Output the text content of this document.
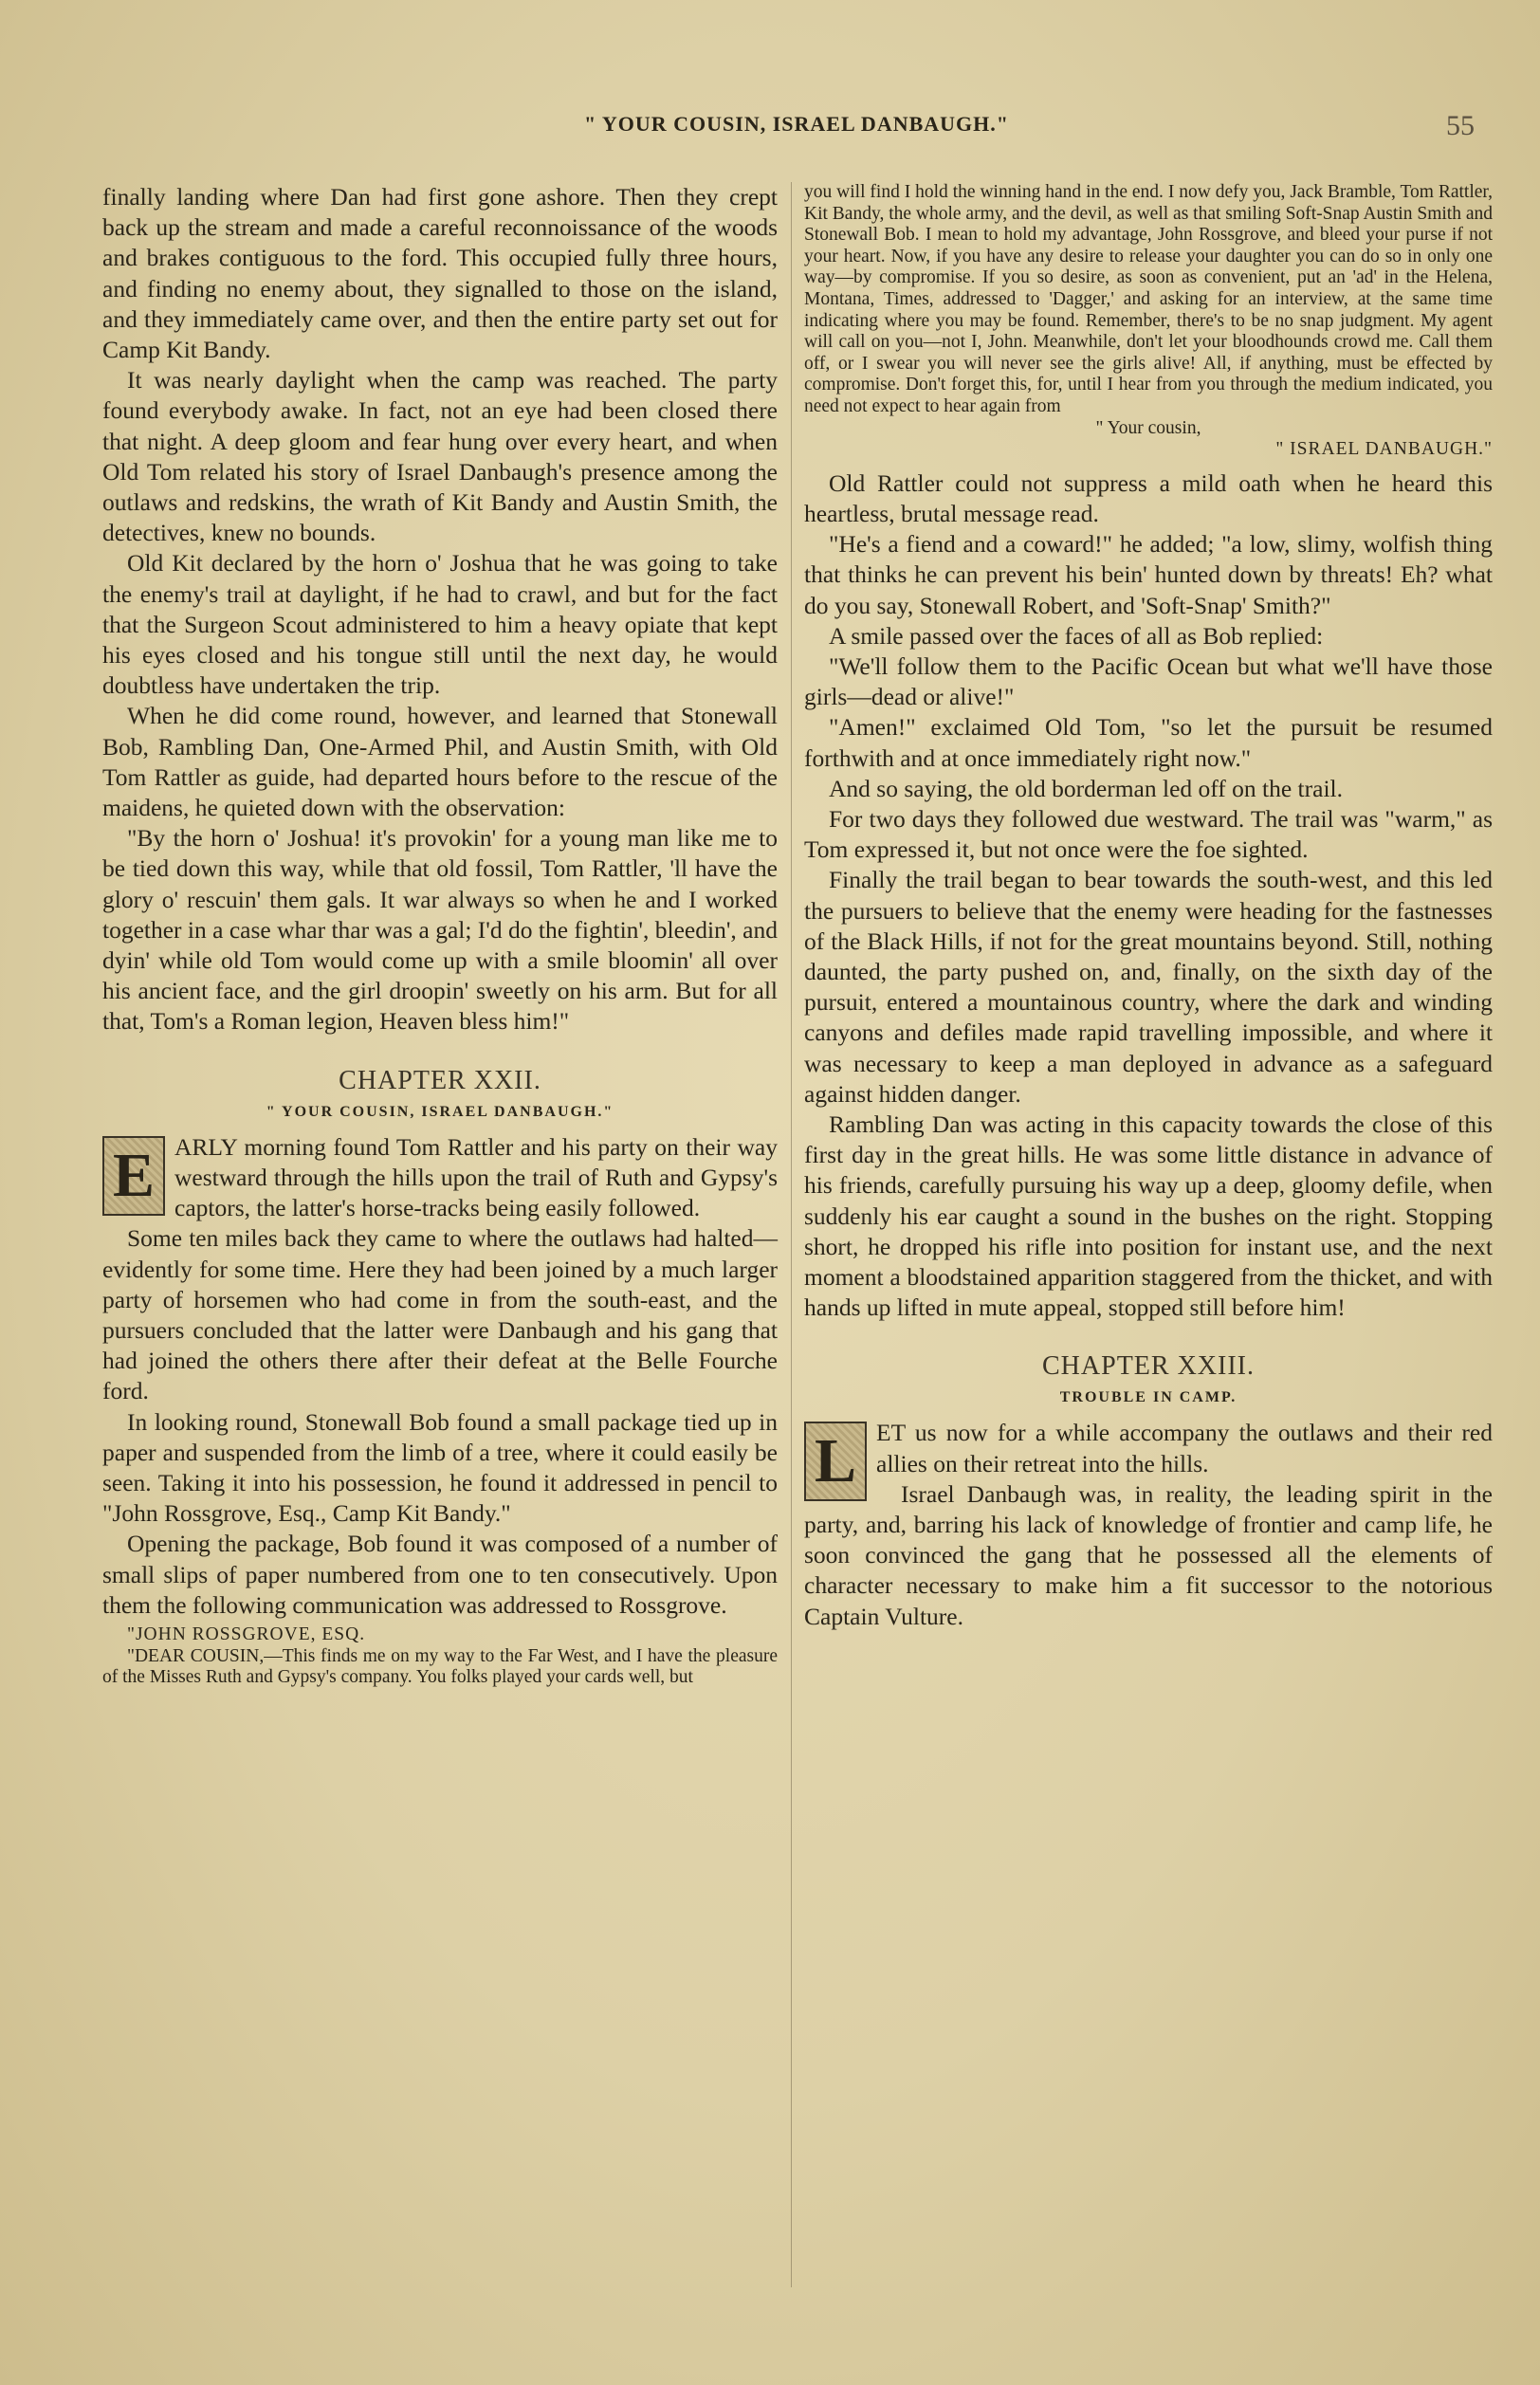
" YOUR COUSIN, ISRAEL DANBAUGH."	55

finally landing where Dan had first gone ashore. Then they crept back up the stream and made a careful reconnoissance of the woods and brakes contiguous to the ford. This occupied fully three hours, and finding no enemy about, they signalled to those on the island, and they immediately came over, and then the entire party set out for Camp Kit Bandy.

It was nearly daylight when the camp was reached. The party found everybody awake. In fact, not an eye had been closed there that night. A deep gloom and fear hung over every heart, and when Old Tom related his story of Israel Danbaugh's presence among the outlaws and redskins, the wrath of Kit Bandy and Austin Smith, the detectives, knew no bounds.

Old Kit declared by the horn o' Joshua that he was going to take the enemy's trail at daylight, if he had to crawl, and but for the fact that the Surgeon Scout administered to him a heavy opiate that kept his eyes closed and his tongue still until the next day, he would doubtless have undertaken the trip.

When he did come round, however, and learned that Stonewall Bob, Rambling Dan, One-Armed Phil, and Austin Smith, with Old Tom Rattler as guide, had departed hours before to the rescue of the maidens, he quieted down with the observation:

"By the horn o' Joshua! it's provokin' for a young man like me to be tied down this way, while that old fossil, Tom Rattler, 'll have the glory o' rescuin' them gals. It war always so when he and I worked together in a case whar thar was a gal; I'd do the fightin', bleedin', and dyin' while old Tom would come up with a smile bloomin' all over his ancient face, and the girl droopin' sweetly on his arm. But for all that, Tom's a Roman legion, Heaven bless him!"

CHAPTER XXII.
" YOUR COUSIN, ISRAEL DANBAUGH."
E ARLY morning found Tom Rattler and his party on their way westward through the hills upon the trail of Ruth and Gypsy's captors, the latter's horse-tracks being easily followed.

Some ten miles back they came to where the outlaws had halted—evidently for some time. Here they had been joined by a much larger party of horsemen who had come in from the south-east, and the pursuers concluded that the latter were Danbaugh and his gang that had joined the others there after their defeat at the Belle Fourche ford.

In looking round, Stonewall Bob found a small package tied up in paper and suspended from the limb of a tree, where it could easily be seen. Taking it into his possession, he found it addressed in pencil to "John Rossgrove, Esq., Camp Kit Bandy."

Opening the package, Bob found it was composed of a number of small slips of paper numbered from one to ten consecutively. Upon them the following communication was addressed to Rossgrove.

"JOHN ROSSGROVE, ESQ.

"DEAR COUSIN,—This finds me on my way to the Far West, and I have the pleasure of the Misses Ruth and Gypsy's company. You folks played your cards well, but

you will find I hold the winning hand in the end. I now defy you, Jack Bramble, Tom Rattler, Kit Bandy, the whole army, and the devil, as well as that smiling Soft-Snap Austin Smith and Stonewall Bob. I mean to hold my advantage, John Rossgrove, and bleed your purse if not your heart. Now, if you have any desire to release your daughter you can do so in only one way—by compromise. If you so desire, as soon as convenient, put an 'ad' in the Helena, Montana, Times, addressed to 'Dagger,' and asking for an interview, at the same time indicating where you may be found. Remember, there's to be no snap judgment. My agent will call on you—not I, John. Meanwhile, don't let your bloodhounds crowd me. Call them off, or I swear you will never see the girls alive! All, if anything, must be effected by compromise. Don't forget this, for, until I hear from you through the medium indicated, you need not expect to hear again from

" Your cousin,

" ISRAEL DANBAUGH."

Old Rattler could not suppress a mild oath when he heard this heartless, brutal message read.

"He's a fiend and a coward!" he added; "a low, slimy, wolfish thing that thinks he can prevent his bein' hunted down by threats! Eh? what do you say, Stonewall Robert, and 'Soft-Snap' Smith?"

A smile passed over the faces of all as Bob replied:

"We'll follow them to the Pacific Ocean but what we'll have those girls—dead or alive!"

"Amen!" exclaimed Old Tom, "so let the pursuit be resumed forthwith and at once immediately right now."

And so saying, the old borderman led off on the trail.

For two days they followed due westward. The trail was "warm," as Tom expressed it, but not once were the foe sighted.

Finally the trail began to bear towards the south-west, and this led the pursuers to believe that the enemy were heading for the fastnesses of the Black Hills, if not for the great mountains beyond. Still, nothing daunted, the party pushed on, and, finally, on the sixth day of the pursuit, entered a mountainous country, where the dark and winding canyons and defiles made rapid travelling impossible, and where it was necessary to keep a man deployed in advance as a safeguard against hidden danger.

Rambling Dan was acting in this capacity towards the close of this first day in the great hills. He was some little distance in advance of his friends, carefully pursuing his way up a deep, gloomy defile, when suddenly his ear caught a sound in the bushes on the right. Stopping short, he dropped his rifle into position for instant use, and the next moment a bloodstained apparition staggered from the thicket, and with hands up lifted in mute appeal, stopped still before him!

CHAPTER XXIII.
TROUBLE IN CAMP.
L ET us now for a while accompany the outlaws and their red allies on their retreat into the hills.

Israel Danbaugh was, in reality, the leading spirit in the party, and, barring his lack of knowledge of frontier and camp life, he soon convinced the gang that he possessed all the elements of character necessary to make him a fit successor to the notorious Captain Vulture.
